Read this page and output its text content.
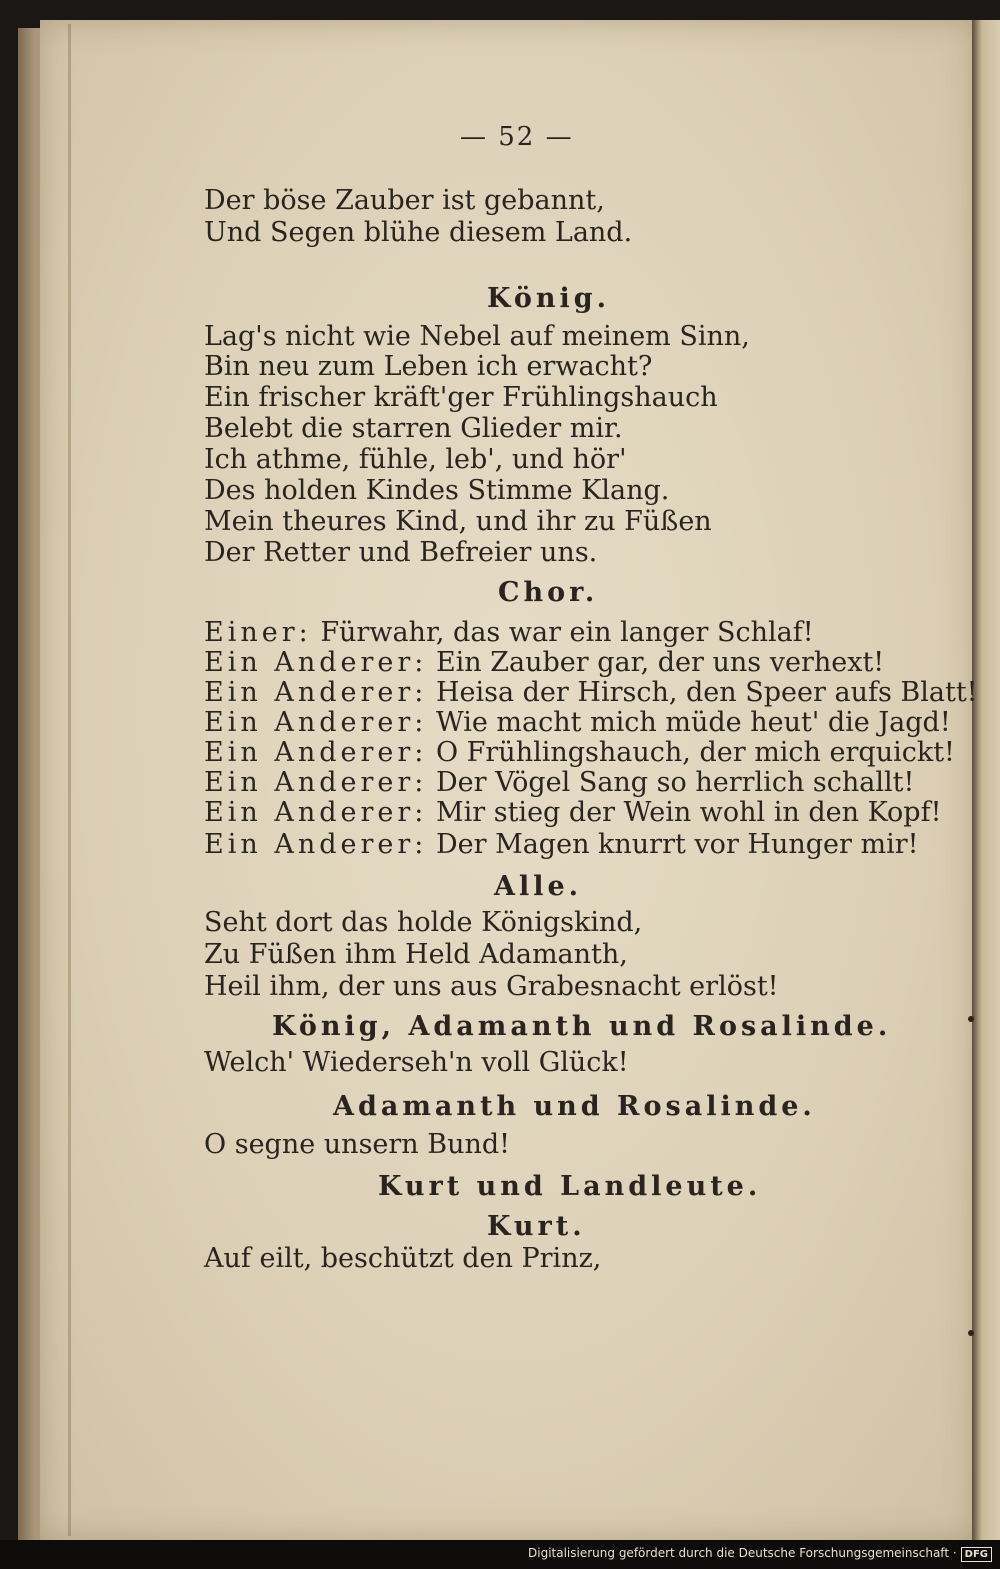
— 52 —
Der böse Zauber ist gebannt,
Und Segen blühe diesem Land.
König.
Lag's nicht wie Nebel auf meinem Sinn,
Bin neu zum Leben ich erwacht?
Ein frischer kräft'ger Frühlingshauch
Belebt die starren Glieder mir.
Ich athme, fühle, leb', und hör'
Des holden Kindes Stimme Klang.
Mein theures Kind, und ihr zu Füßen
Der Retter und Befreier uns.
Chor.
Einer: Fürwahr, das war ein langer Schlaf!
Ein Anderer: Ein Zauber gar, der uns verhext!
Ein Anderer: Heisa der Hirsch, den Speer aufs Blatt!
Ein Anderer: Wie macht mich müde heut' die Jagd!
Ein Anderer: O Frühlingshauch, der mich erquickt!
Ein Anderer: Der Vögel Sang so herrlich schallt!
Ein Anderer: Mir stieg der Wein wohl in den Kopf!
Ein Anderer: Der Magen knurrt vor Hunger mir!
Alle.
Seht dort das holde Königskind,
Zu Füßen ihm Held Adamanth,
Heil ihm, der uns aus Grabesnacht erlöst!
König, Adamanth und Rosalinde.
Welch' Wiederseh'n voll Glück!
Adamanth und Rosalinde.
O segne unsern Bund!
Kurt und Landleute.
Kurt.
Auf eilt, beschützt den Prinz,
Digitalisierung gefördert durch die Deutsche Forschungsgemeinschaft · DFG
